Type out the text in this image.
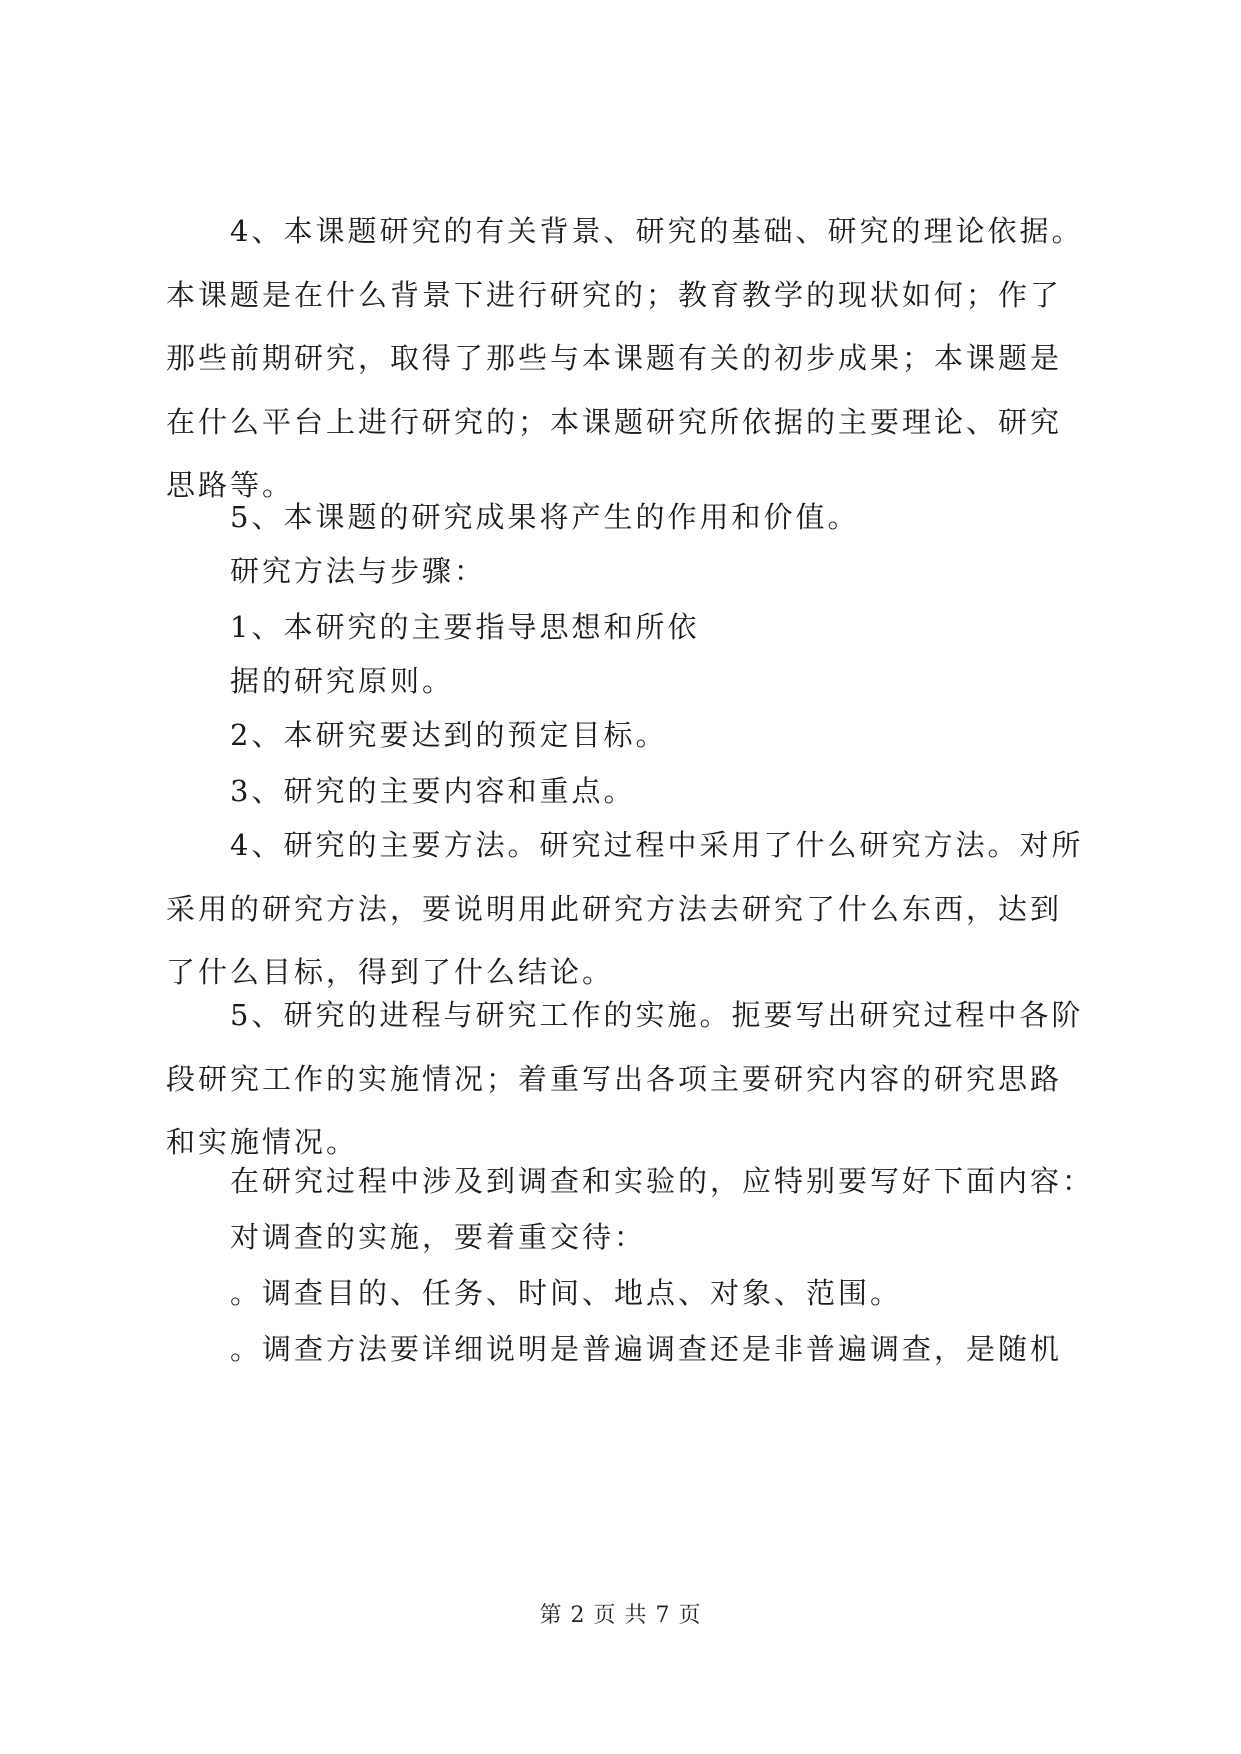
4、本课题研究的有关背景、研究的基础、研究的理论依据。本课题是在什么背景下进行研究的；教育教学的现状如何；作了那些前期研究，取得了那些与本课题有关的初步成果；本课题是在什么平台上进行研究的；本课题研究所依据的主要理论、研究思路等。

5、本课题的研究成果将产生的作用和价值。

研究方法与步骤：

1、本研究的主要指导思想和所依

据的研究原则。

2、本研究要达到的预定目标。

3、研究的主要内容和重点。

4、研究的主要方法。研究过程中采用了什么研究方法。对所采用的研究方法，要说明用此研究方法去研究了什么东西，达到了什么目标，得到了什么结论。

5、研究的进程与研究工作的实施。扼要写出研究过程中各阶段研究工作的实施情况；着重写出各项主要研究内容的研究思路和实施情况。

在研究过程中涉及到调查和实验的，应特别要写好下面内容：

对调查的实施，要着重交待：

。调查目的、任务、时间、地点、对象、范围。

。调查方法要详细说明是普遍调查还是非普遍调查，是随机

第 2 页 共 7 页
